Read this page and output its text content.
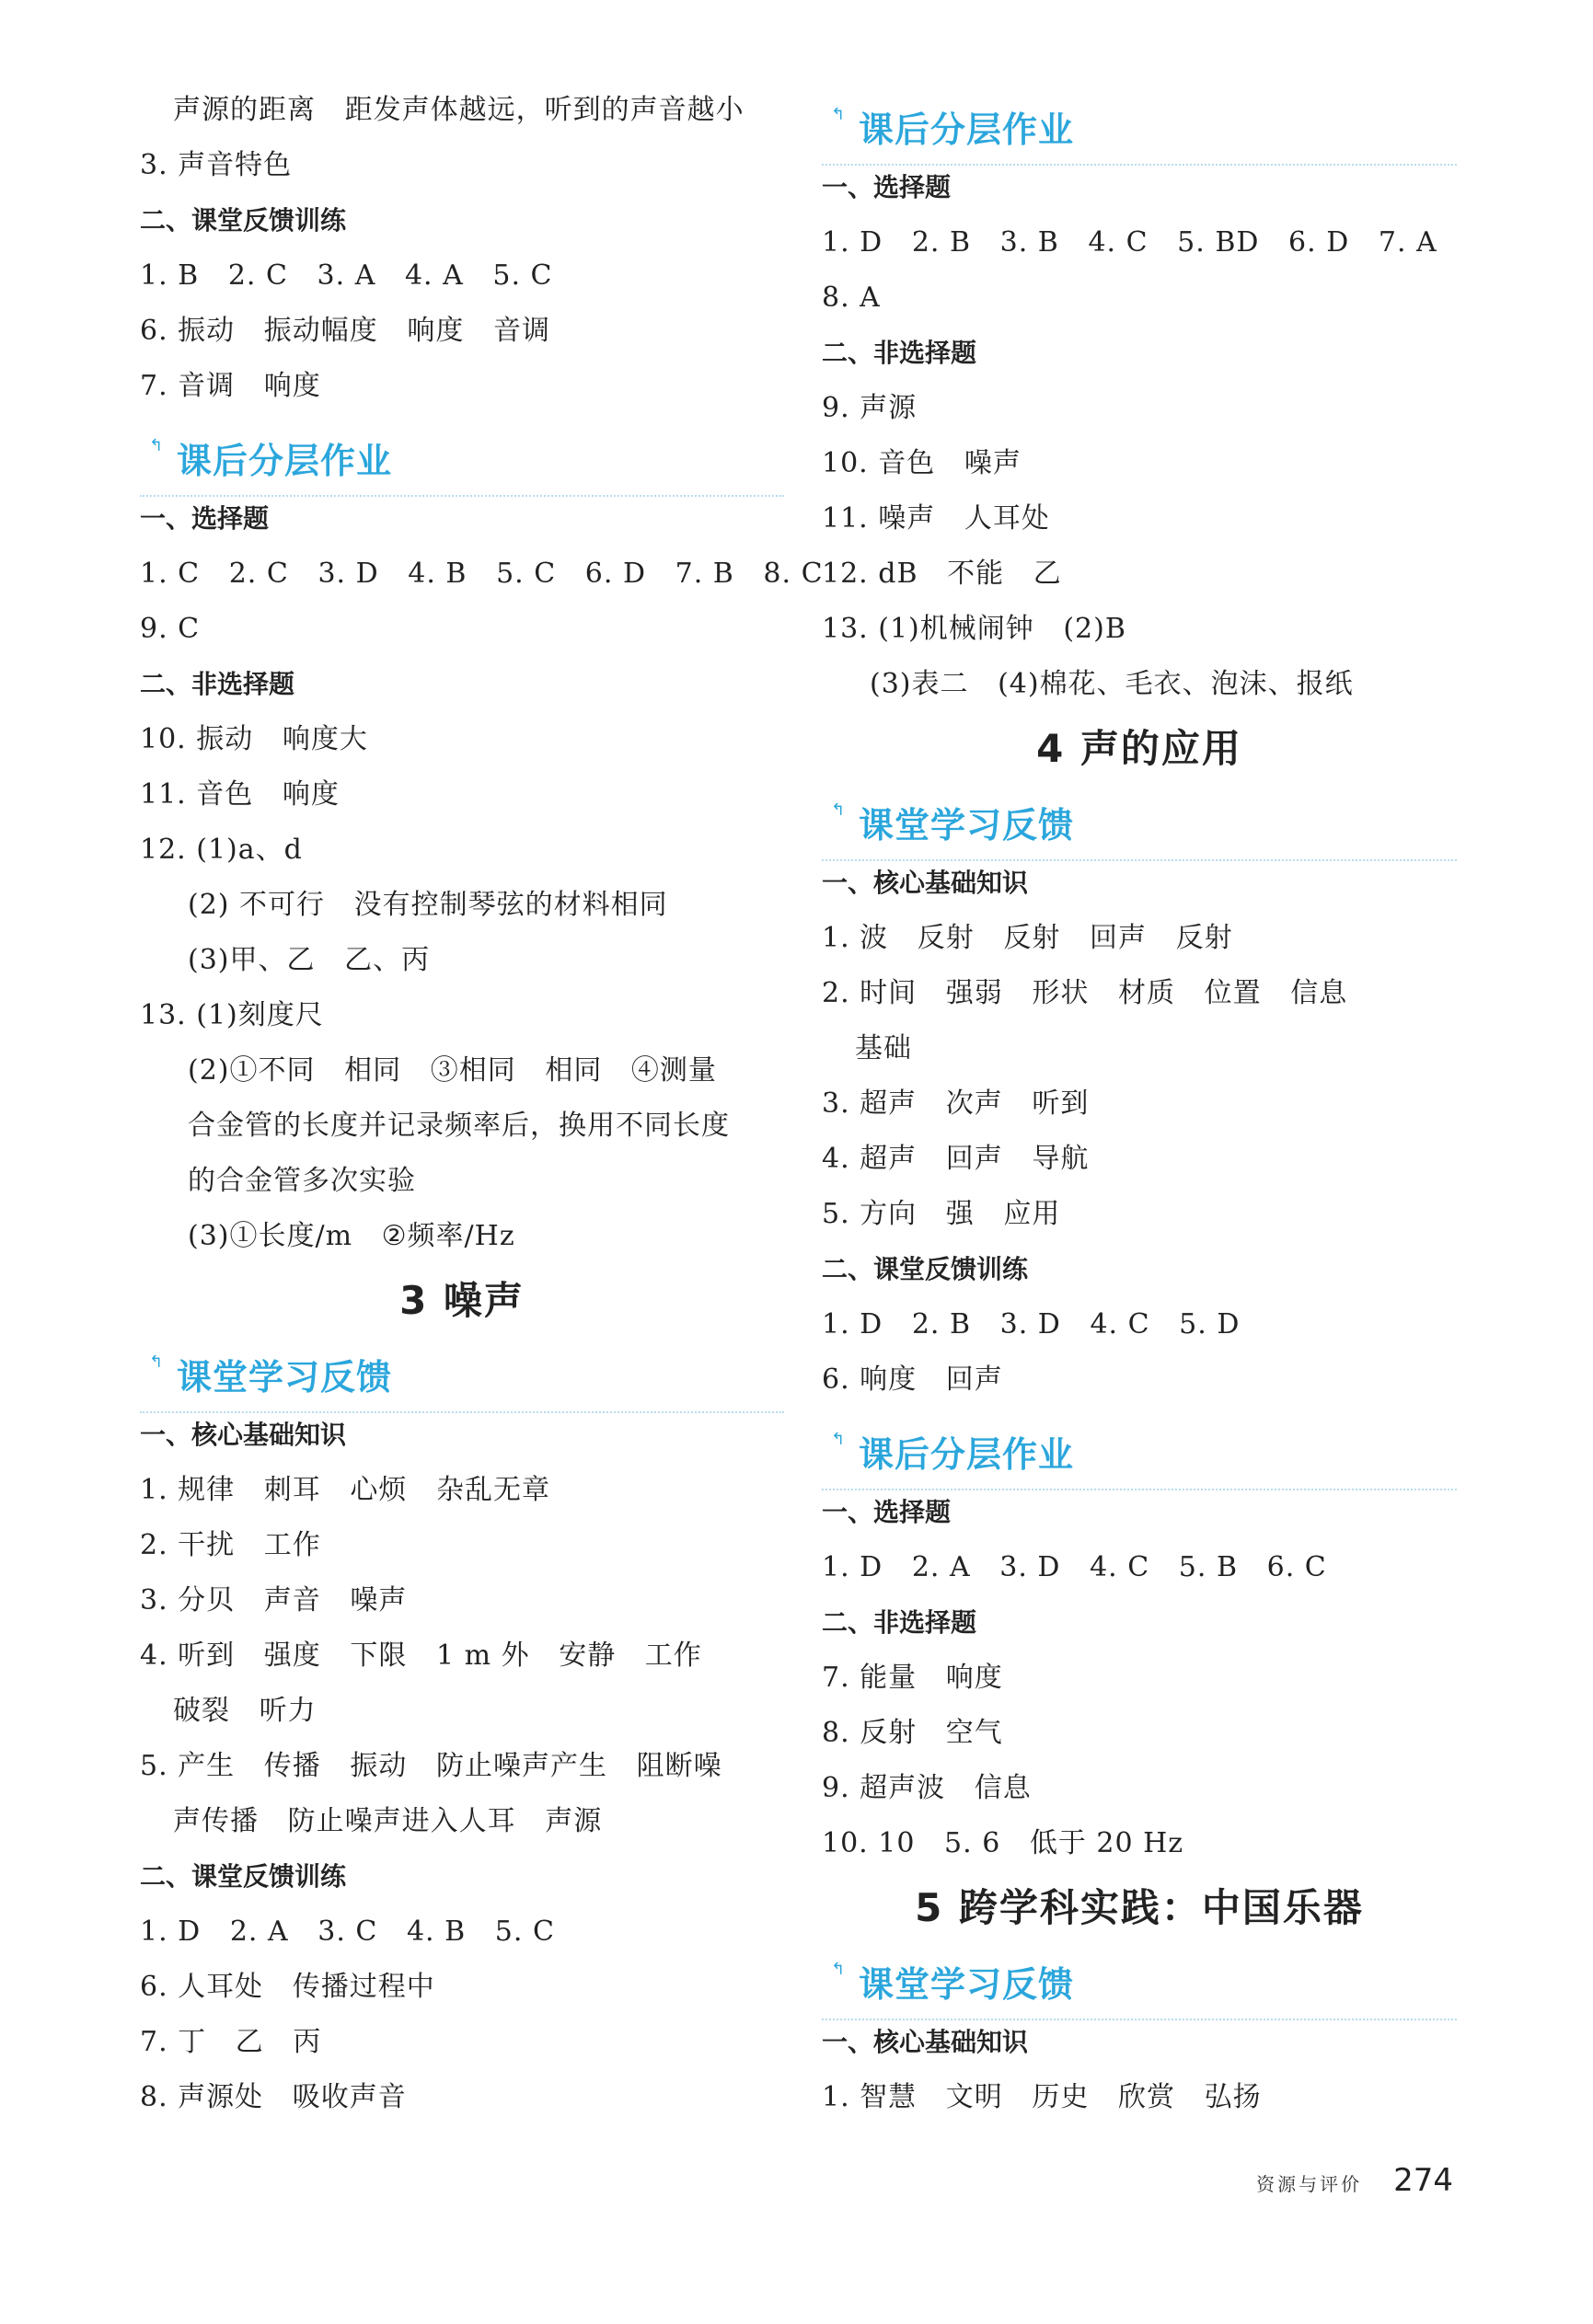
声源的距离   距发声体越远，听到的声音越小
3. 声音特色
二、课堂反馈训练
1. B   2. C   3. A   4. A   5. C
6. 振动   振动幅度   响度   音调
7. 音调   响度
↰ 课后分层作业
一、选择题
1. C   2. C   3. D   4. B   5. C   6. D   7. B   8. C
9. C
二、非选择题
10. 振动   响度大
11. 音色   响度
12. (1)a、d
(2) 不可行   没有控制琴弦的材料相同
(3)甲、乙   乙、丙
13. (1)刻度尺
(2)①不同   相同   ③相同   相同   ④测量
合金管的长度并记录频率后，换用不同长度
的合金管多次实验
(3)①长度/m   ②频率/Hz
3 噪声
↰ 课堂学习反馈
一、核心基础知识
1. 规律   刺耳   心烦   杂乱无章
2. 干扰   工作
3. 分贝   声音   噪声
4. 听到   强度   下限   1 m 外   安静   工作
破裂   听力
5. 产生   传播   振动   防止噪声产生   阻断噪
声传播   防止噪声进入人耳   声源
二、课堂反馈训练
1. D   2. A   3. C   4. B   5. C
6. 人耳处   传播过程中
7. 丁   乙   丙
8. 声源处   吸收声音
↰ 课后分层作业
一、选择题
1. D   2. B   3. B   4. C   5. BD   6. D   7. A
8. A
二、非选择题
9. 声源
10. 音色   噪声
11. 噪声   人耳处
12. dB   不能   乙
13. (1)机械闹钟   (2)B
(3)表二   (4)棉花、毛衣、泡沫、报纸
4 声的应用
↰ 课堂学习反馈
一、核心基础知识
1. 波   反射   反射   回声   反射
2. 时间   强弱   形状   材质   位置   信息
基础
3. 超声   次声   听到
4. 超声   回声   导航
5. 方向   强   应用
二、课堂反馈训练
1. D   2. B   3. D   4. C   5. D
6. 响度   回声
↰ 课后分层作业
一、选择题
1. D   2. A   3. D   4. C   5. B   6. C
二、非选择题
7. 能量   响度
8. 反射   空气
9. 超声波   信息
10. 10   5. 6   低于 20 Hz
5 跨学科实践：中国乐器
↰ 课堂学习反馈
一、核心基础知识
1. 智慧   文明   历史   欣赏   弘扬
资源与评价 274
